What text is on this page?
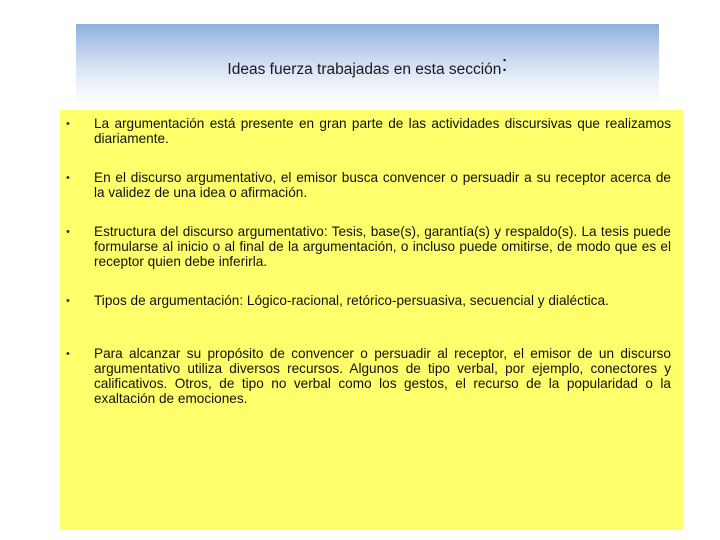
Ideas fuerza trabajadas en esta sección:
• La argumentación está presente en gran parte de las actividades discursivas que realizamos diariamente.
• En el discurso argumentativo, el emisor busca convencer o persuadir a su receptor acerca de la validez de una idea o afirmación.
• Estructura del discurso argumentativo: Tesis, base(s), garantía(s) y respaldo(s). La tesis puede formularse al inicio o al final de la argumentación, o incluso puede omitirse, de modo que es el receptor quien debe inferirla.
• Tipos de argumentación: Lógico-racional, retórico-persuasiva, secuencial y dialéctica.
• Para alcanzar su propósito de convencer o persuadir al receptor, el emisor de un discurso argumentativo utiliza diversos recursos. Algunos de tipo verbal, por ejemplo, conectores y calificativos. Otros, de tipo no verbal como los gestos, el recurso de la popularidad o la exaltación de emociones.
